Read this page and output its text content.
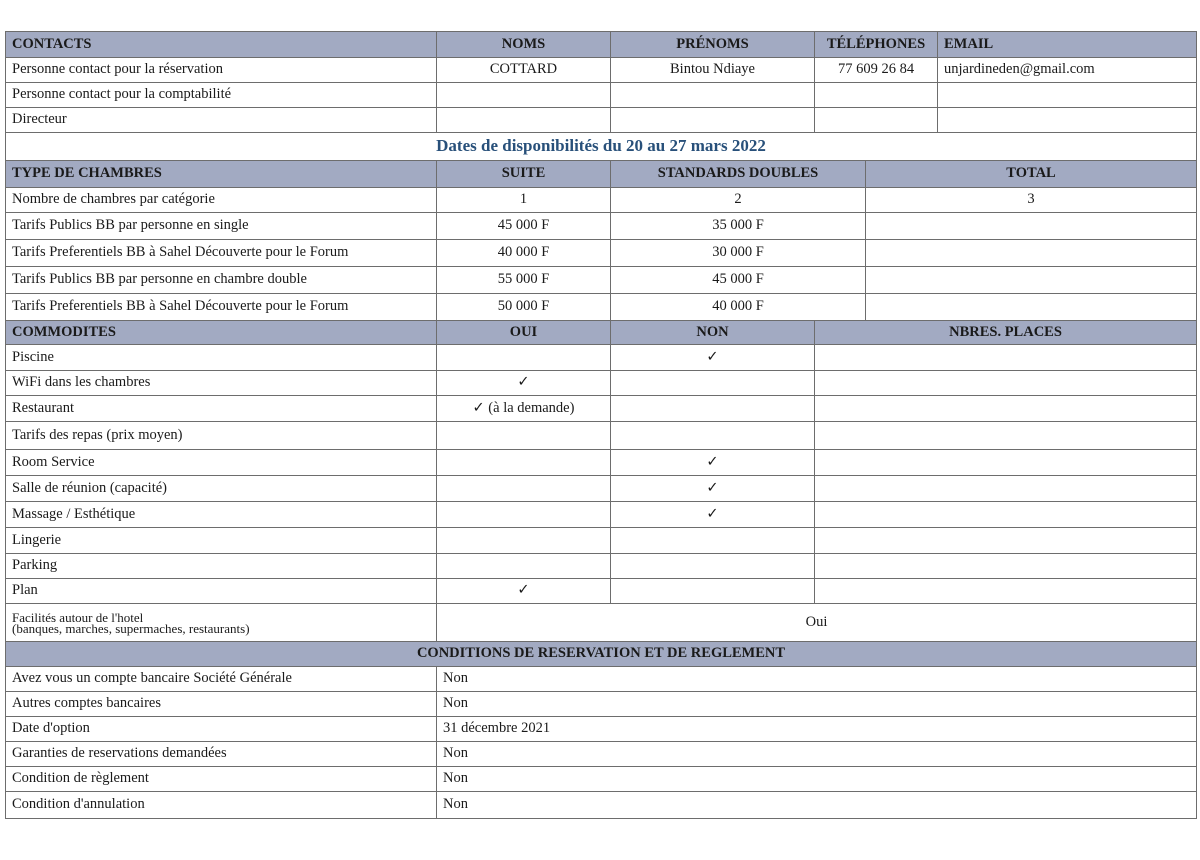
CONTACTS	NOMS	PRÉNOMS	TÉLÉPHONES		EMAIL
Personne contact pour la réservation	COTTARD	Bintou Ndiaye	77 609 26 84		unjardineden@gmail.com
Personne contact pour la comptabilité					
Directeur					
Dates de disponibilités du 20 au 27 mars 2022					
TYPE DE CHAMBRES	SUITE	STANDARDS DOUBLES		TOTAL	
Nombre de chambres par catégorie	1	2		3	
Tarifs Publics BB par personne en single	45 000 F	35 000 F			
Tarifs Preferentiels BB à Sahel Découverte pour le Forum	40 000 F	30 000 F			
Tarifs Publics BB par personne en chambre double	55 000 F	45 000 F			
Tarifs Preferentiels BB à Sahel Découverte pour le Forum	50 000 F	40 000 F			
COMMODITES	OUI	NON	NBRES. PLACES		
Piscine		✓			
WiFi dans les chambres	✓				
Restaurant	✓ (à la demande)				
Tarifs des repas (prix moyen)					
Room Service		✓			
Salle de réunion (capacité)		✓			
Massage / Esthétique		✓			
Lingerie					
Parking					
Plan	✓				
Facilités autour de l'hotel
(banques, marches, supermaches, restaurants)	Oui
CONDITIONS DE RESERVATION ET DE REGLEMENT	
Avez vous un compte bancaire Société Générale	Non
Autres comptes bancaires	Non
Date d'option	31 décembre 2021
Garanties de reservations demandées	Non
Condition de règlement	Non
Condition d'annulation	Non
